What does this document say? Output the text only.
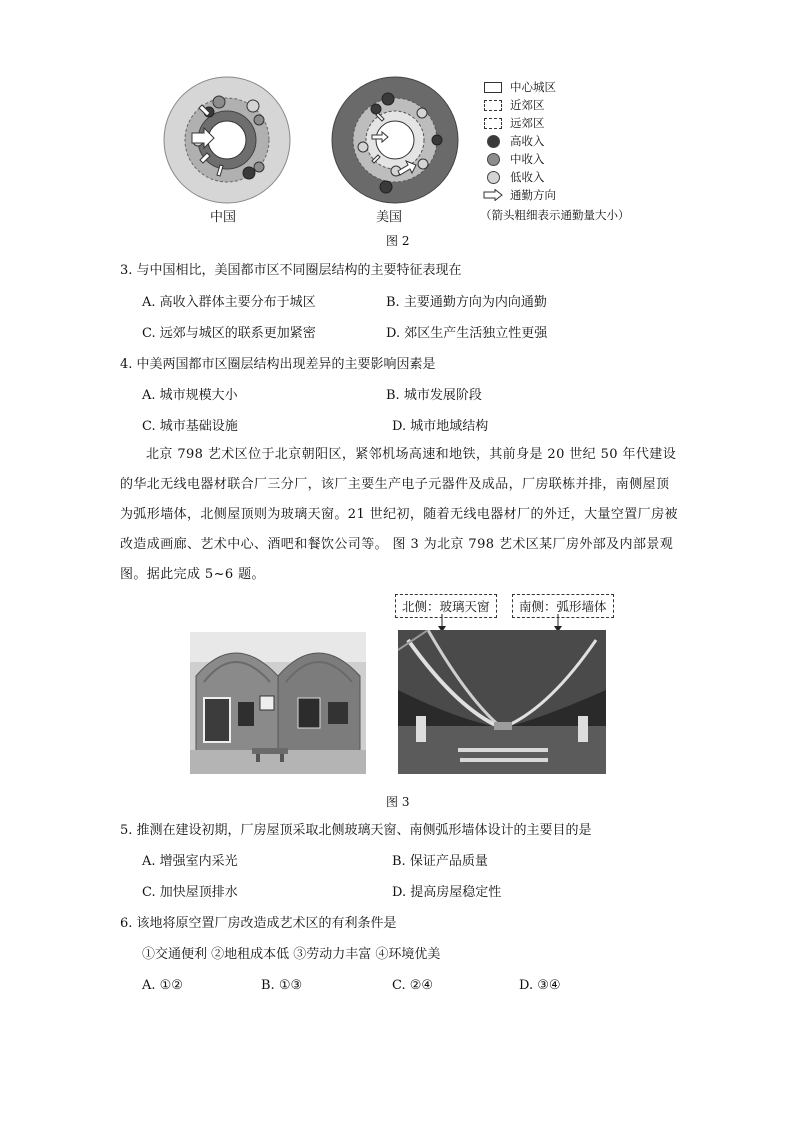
中国	美国
中心城区
近郊区
远郊区
高收入
中收入
低收入
通勤方向
（箭头粗细表示通勤量大小）
图 2
3. 与中国相比，美国都市区不同圈层结构的主要特征表现在
A. 高收入群体主要分布于城区	B. 主要通勤方向为内向通勤
C. 远郊与城区的联系更加紧密	D. 郊区生产生活独立性更强
4. 中美两国都市区圈层结构出现差异的主要影响因素是
A. 城市规模大小	B. 城市发展阶段
C. 城市基础设施	D. 城市地域结构
北京 798 艺术区位于北京朝阳区，紧邻机场高速和地铁，其前身是 20 世纪 50 年代建设的华北无线电器材联合厂三分厂，该厂主要生产电子元器件及成品，厂房联栋并排，南侧屋顶为弧形墙体，北侧屋顶则为玻璃天窗。21 世纪初，随着无线电器材厂的外迁，大量空置厂房被改造成画廊、艺术中心、酒吧和餐饮公司等。 图 3 为北京 798 艺术区某厂房外部及内部景观图。据此完成 5~6 题。
北侧：玻璃天窗	南侧：弧形墙体
图 3
5. 推测在建设初期，厂房屋顶采取北侧玻璃天窗、南侧弧形墙体设计的主要目的是
A. 增强室内采光	B. 保证产品质量
C. 加快屋顶排水	D. 提高房屋稳定性
6. 该地将原空置厂房改造成艺术区的有利条件是
①交通便利 ②地租成本低 ③劳动力丰富 ④环境优美
A. ①②	B. ①③	C. ②④	D. ③④
